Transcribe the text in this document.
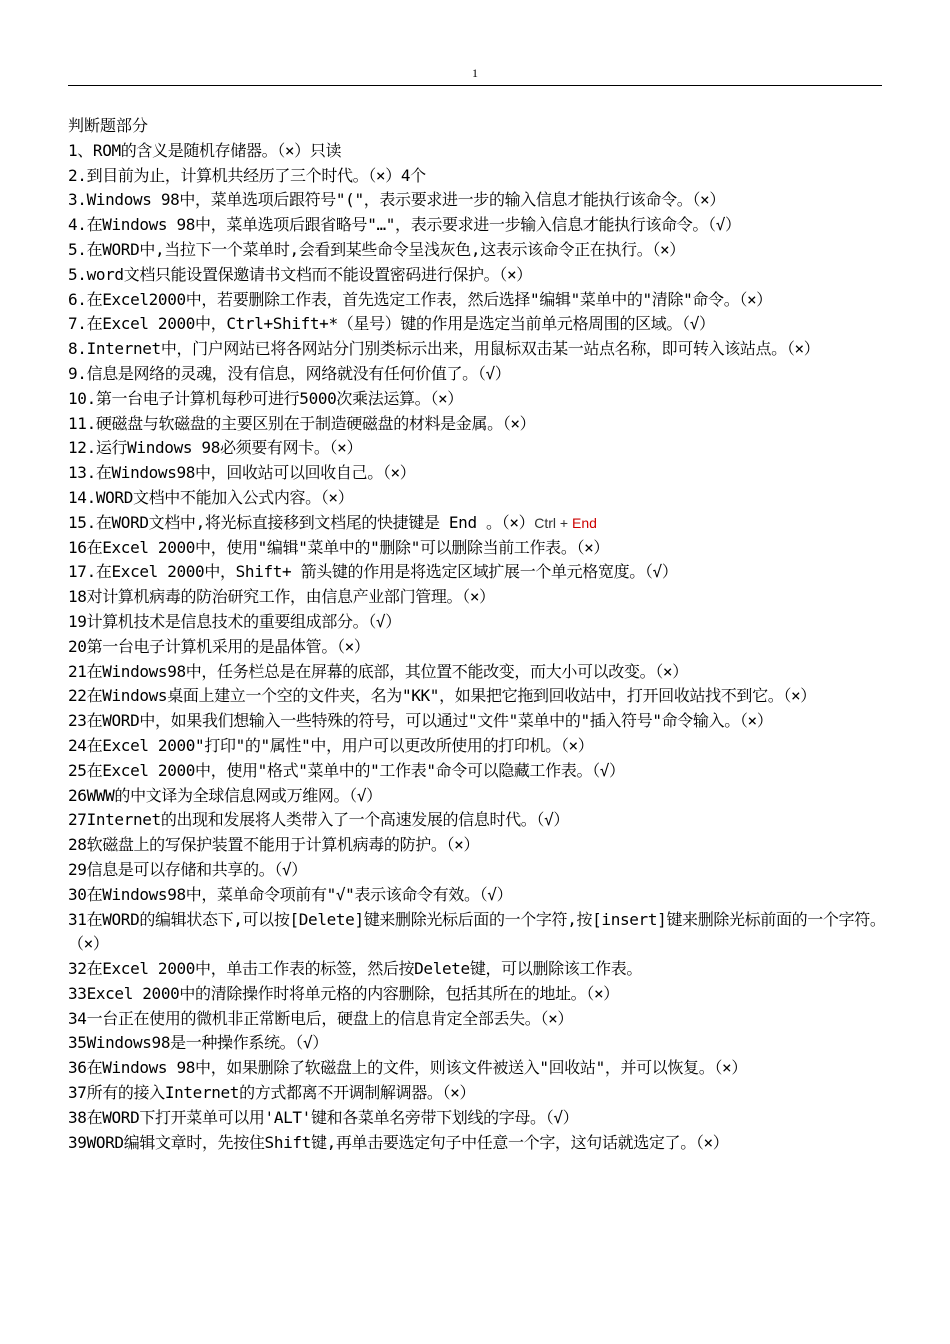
1
判断题部分
1、ROM的含义是随机存储器。（×）只读
2.到目前为止，计算机共经历了三个时代。（×）4个
3.Windows 98中，菜单选项后跟符号"("，表示要求进一步的输入信息才能执行该命令。（×）
4.在Windows 98中，菜单选项后跟省略号"…"，表示要求进一步输入信息才能执行该命令。（√）
5.在WORD中,当拉下一个菜单时,会看到某些命令呈浅灰色,这表示该命令正在执行。（×）
5.word文档只能设置保邀请书文档而不能设置密码进行保护。（×）
6.在Excel2000中，若要删除工作表，首先选定工作表，然后选择"编辑"菜单中的"清除"命令。（×）
7.在Excel 2000中，Ctrl+Shift+*（星号）键的作用是选定当前单元格周围的区域。（√）
8.Internet中，门户网站已将各网站分门别类标示出来，用鼠标双击某一站点名称，即可转入该站点。（×）
9.信息是网络的灵魂，没有信息，网络就没有任何价值了。（√）
10.第一台电子计算机每秒可进行5000次乘法运算。（×）
11.硬磁盘与软磁盘的主要区别在于制造硬磁盘的材料是金属。（×）
12.运行Windows 98必须要有网卡。（×）
13.在Windows98中，回收站可以回收自己。（×）
14.WORD文档中不能加入公式内容。（×）
15.在WORD文档中,将光标直接移到文档尾的快捷键是 End 。（×）Ctrl + End
16在Excel 2000中，使用"编辑"菜单中的"删除"可以删除当前工作表。（×）
17.在Excel 2000中，Shift+ 箭头键的作用是将选定区域扩展一个单元格宽度。（√）
18对计算机病毒的防治研究工作，由信息产业部门管理。（×）
19计算机技术是信息技术的重要组成部分。（√）
20第一台电子计算机采用的是晶体管。（×）
21在Windows98中，任务栏总是在屏幕的底部，其位置不能改变，而大小可以改变。（×）
22在Windows桌面上建立一个空的文件夹，名为"KK"，如果把它拖到回收站中，打开回收站找不到它。（×）
23在WORD中，如果我们想输入一些特殊的符号，可以通过"文件"菜单中的"插入符号"命令输入。（×）
24在Excel 2000"打印"的"属性"中，用户可以更改所使用的打印机。（×）
25在Excel 2000中，使用"格式"菜单中的"工作表"命令可以隐藏工作表。（√）
26WWW的中文译为全球信息网或万维网。（√）
27Internet的出现和发展将人类带入了一个高速发展的信息时代。（√）
28软磁盘上的写保护装置不能用于计算机病毒的防护。（×）
29信息是可以存储和共享的。（√）
30在Windows98中，菜单命令项前有"√"表示该命令有效。（√）
31在WORD的编辑状态下,可以按[Delete]键来删除光标后面的一个字符,按[insert]键来删除光标前面的一个字符。（×）
32在Excel 2000中，单击工作表的标签，然后按Delete键，可以删除该工作表。
33Excel 2000中的清除操作时将单元格的内容删除，包括其所在的地址。（×）
34一台正在使用的微机非正常断电后，硬盘上的信息肯定全部丢失。（×）
35Windows98是一种操作系统。（√）
36在Windows 98中，如果删除了软磁盘上的文件，则该文件被送入"回收站"，并可以恢复。（×）
37所有的接入Internet的方式都离不开调制解调器。（×）
38在WORD下打开菜单可以用'ALT'键和各菜单名旁带下划线的字母。（√）
39WORD编辑文章时，先按住Shift键,再单击要选定句子中任意一个字，这句话就选定了。（×）
